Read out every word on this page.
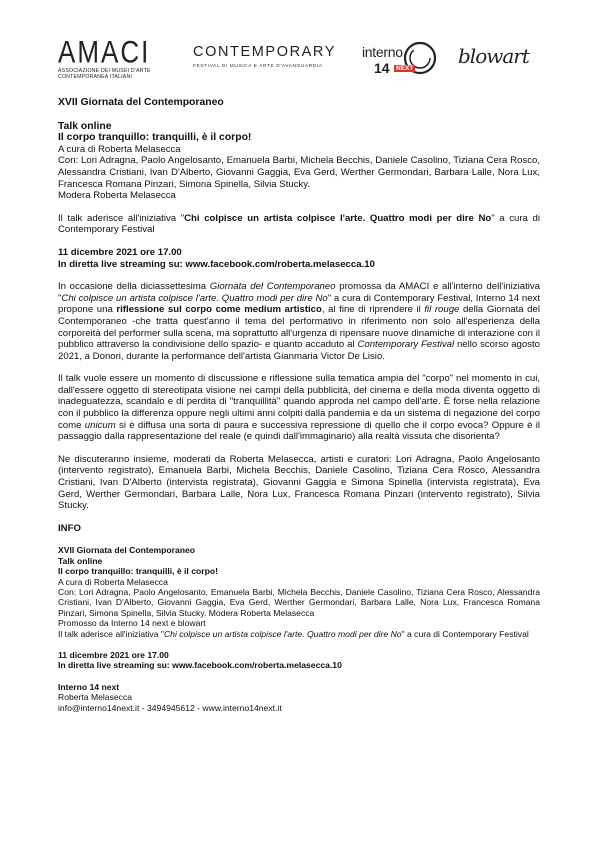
AMACI
ASSOCIAZIONE DEI MUSEI D'ARTE
CONTEMPORANEA ITALIANI
CONTEMPORARY
FESTIVAL DI MUSICA E ARTE D'AVANGUARDIA
interno
14 NEXT
blowart

XVII Giornata del Contemporaneo

Talk online

Il corpo tranquillo: tranquilli, è il corpo!

A cura di Roberta Melasecca

Con: Lori Adragna, Paolo Angelosanto, Emanuela Barbi, Michela Becchis, Daniele Casolino, Tiziana Cera Rosco, Alessandra Cristiani, Ivan D'Alberto, Giovanni Gaggia, Eva Gerd, Werther Germondari, Barbara Lalle, Nora Lux, Francesca Romana Pinzari, Simona Spinella, Silvia Stucky.

Modera Roberta Melasecca

Il talk aderisce all'iniziativa "Chi colpisce un artista colpisce l'arte. Quattro modi per dire No" a cura di Contemporary Festival

11 dicembre 2021 ore 17.00

In diretta live streaming su: www.facebook.com/roberta.melasecca.10

In occasione della diciassettesima Giornata del Contemporaneo promossa da AMACI e all'interno dell'iniziativa "Chi colpisce un artista colpisce l'arte. Quattro modi per dire No" a cura di Contemporary Festival, Interno 14 next propone una riflessione sul corpo come medium artistico, al fine di riprendere il fil rouge della Giornata del Contemporaneo -che tratta quest'anno il tema del performativo in riferimento non solo all'esperienza della corporeità del performer sulla scena, ma soprattutto all'urgenza di ripensare nuove dinamiche di interazione con il pubblico attraverso la condivisione dello spazio- e quanto accaduto al Contemporary Festival nello scorso agosto 2021, a Donori, durante la performance dell'artista Gianmaria Victor De Lisio.

Il talk vuole essere un momento di discussione e riflessione sulla tematica ampia del "corpo" nel momento in cui, dall'essere oggetto di stereotipata visione nei campi della pubblicità, del cinema e della moda diventa oggetto di inadeguatezza, scandalo e di perdita di "tranquillità" quando approda nel campo dell'arte. È forse nella relazione con il pubblico la differenza oppure negli ultimi anni colpiti dalla pandemia e da un sistema di negazione del corpo come unicum si è diffusa una sorta di paura e successiva repressione di quello che il corpo evoca? Oppure è il passaggio dalla rappresentazione del reale (e quindi dall'immaginario) alla realtà vissuta che disorienta?

Ne discuteranno insieme, moderati da Roberta Melasecca, artisti e curatori: Lori Adragna, Paolo Angelosanto (intervento registrato), Emanuela Barbi, Michela Becchis, Daniele Casolino, Tiziana Cera Rosco, Alessandra Cristiani, Ivan D'Alberto (intervista registrata), Giovanni Gaggia e Simona Spinella (intervista registrata), Eva Gerd, Werther Germondari, Barbara Lalle, Nora Lux, Francesca Romana Pinzari (intervento registrato), Silvia Stucky.

INFO

XVII Giornata del Contemporaneo

Talk online

Il corpo tranquillo: tranquilli, è il corpo!

A cura di Roberta Melasecca

Con: Lori Adragna, Paolo Angelosanto, Emanuela Barbi, Michela Becchis, Daniele Casolino, Tiziana Cera Rosco, Alessandra Cristiani, Ivan D'Alberto, Giovanni Gaggia, Eva Gerd, Werther Germondari, Barbara Lalle, Nora Lux, Francesca Romana Pinzari, Simona Spinella, Silvia Stucky. Modera Roberta Melasecca

Promosso da Interno 14 next e blowart

Il talk aderisce all'iniziativa "Chi colpisce un artista colpisce l'arte. Quattro modi per dire No" a cura di Contemporary Festival

11 dicembre 2021 ore 17.00

In diretta live streaming su: www.facebook.com/roberta.melasecca.10

Interno 14 next

Roberta Melasecca

info@interno14next.it - 3494945612 - www.interno14next.it
